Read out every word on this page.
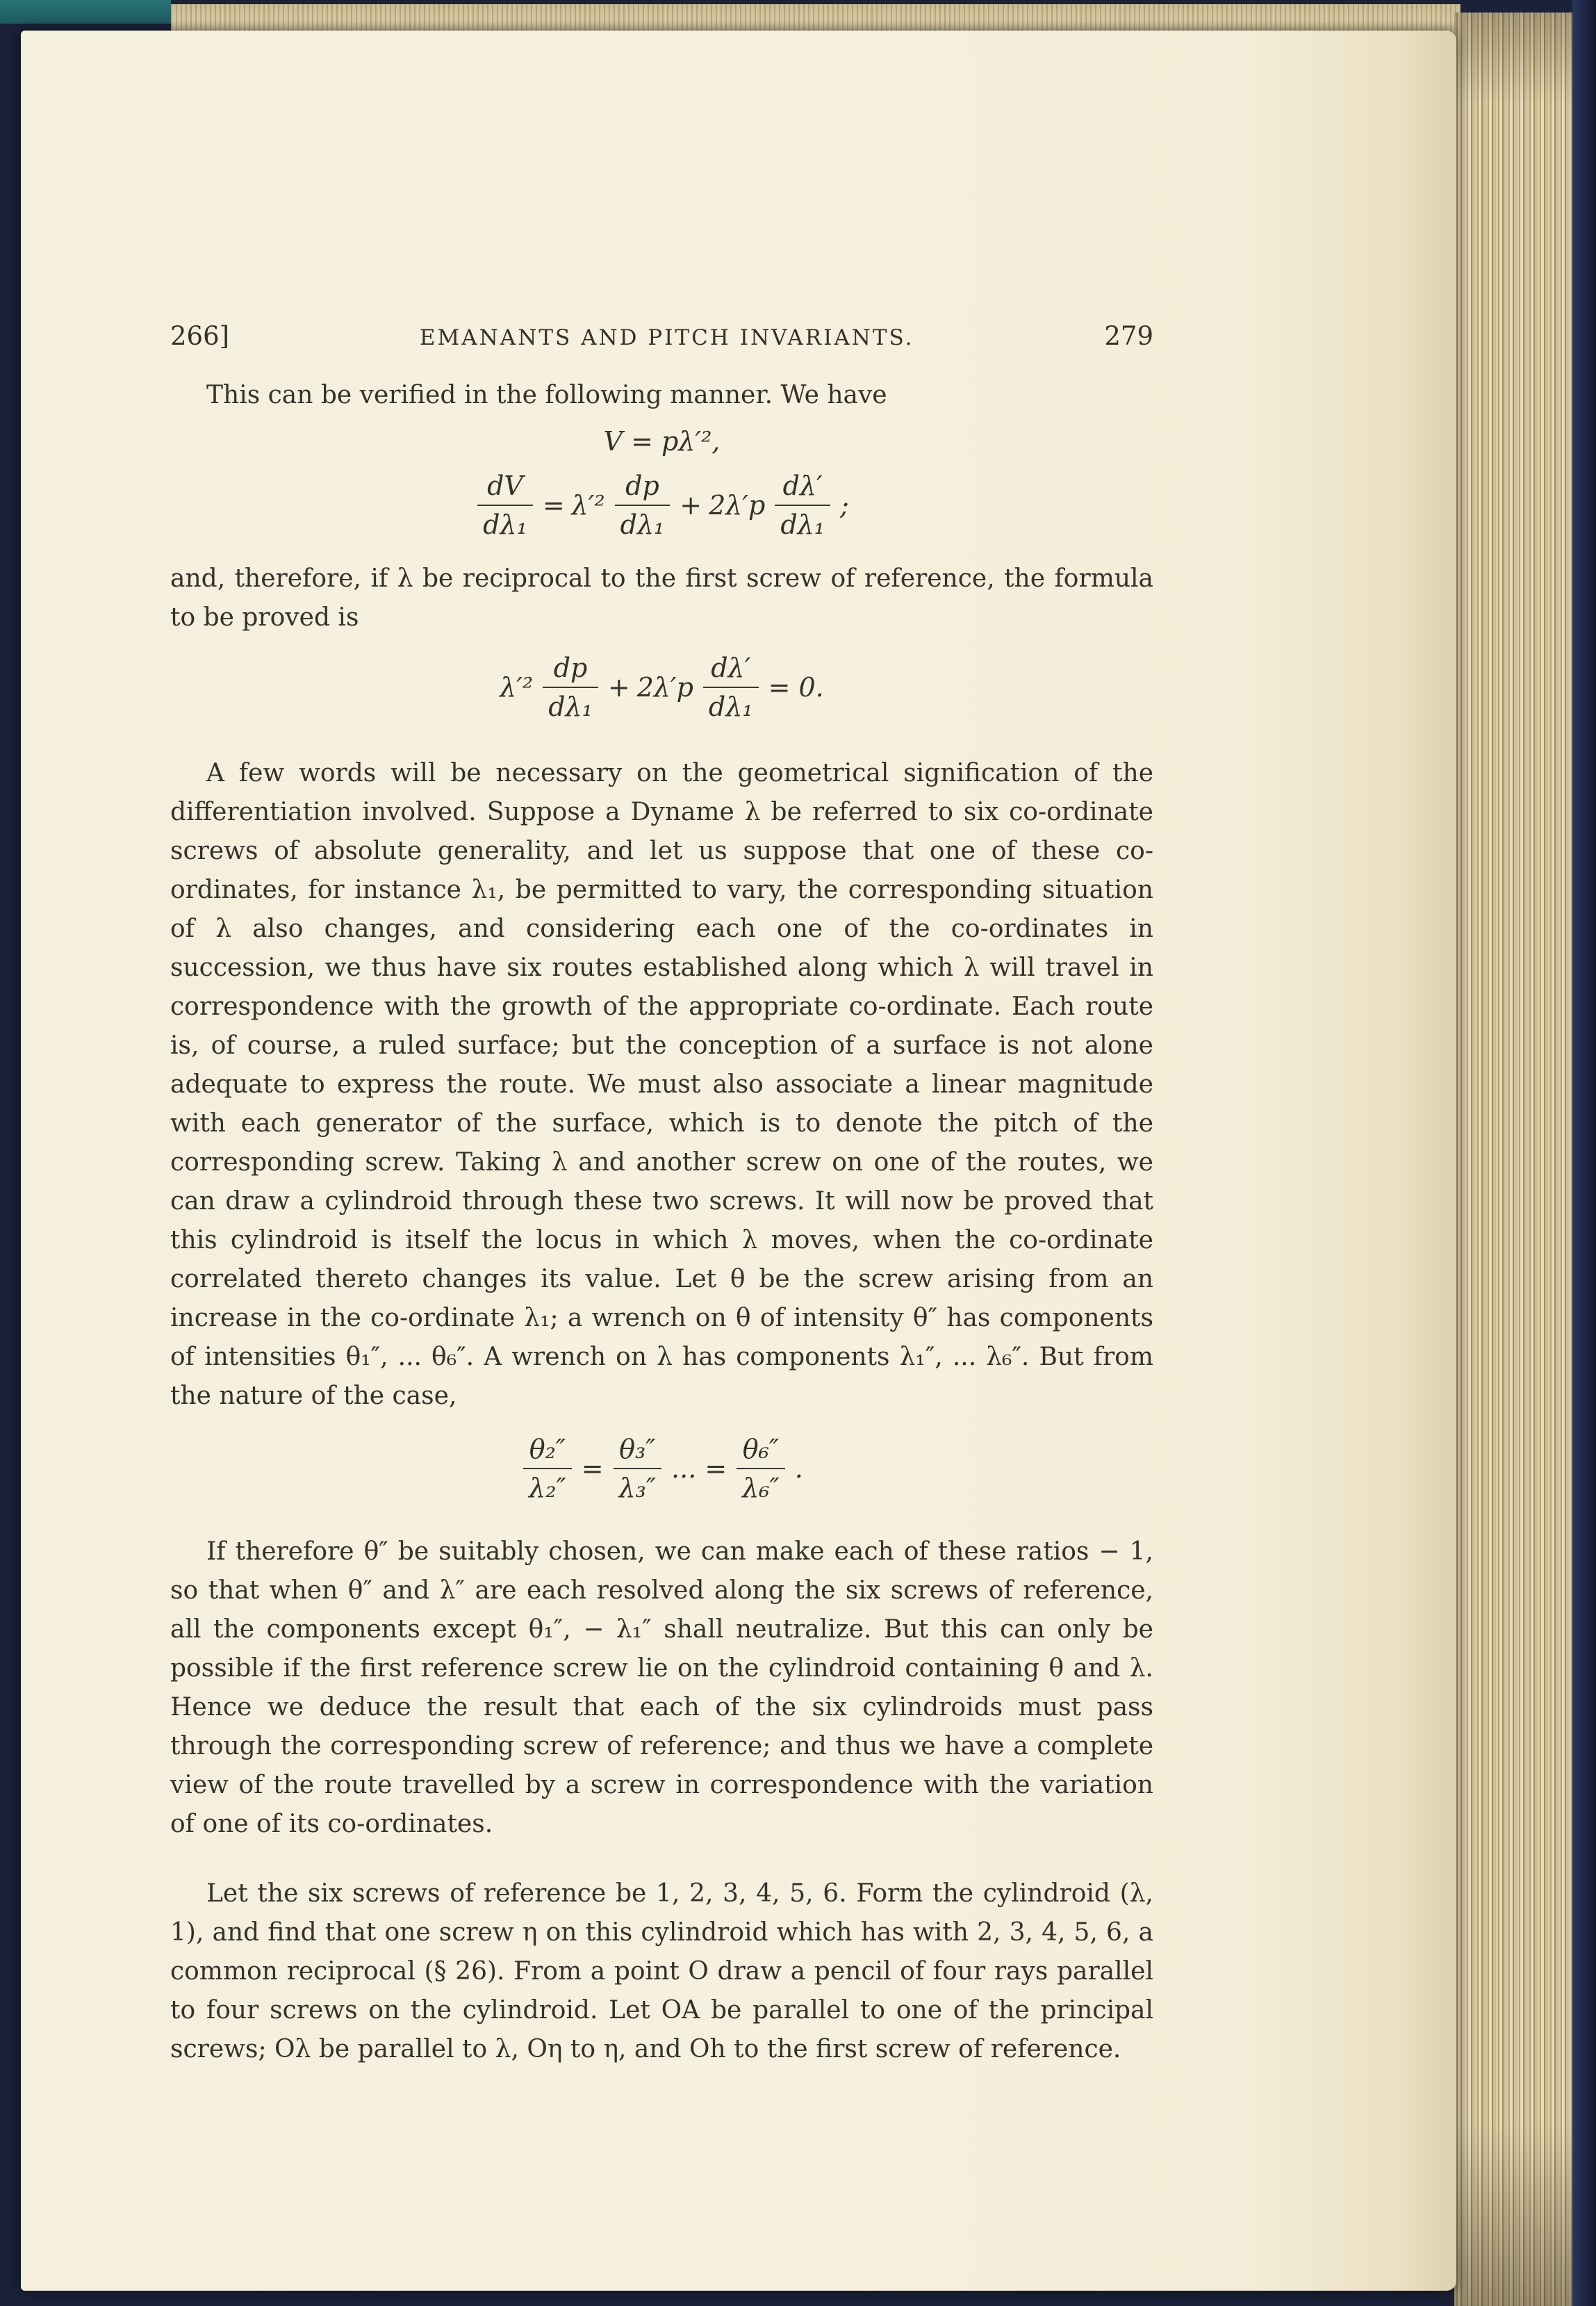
266]	EMANANTS AND PITCH INVARIANTS.	279

This can be verified in the following manner. We have

V = pλ′²,
$\frac{dV}{\text{dλ₁}} = \lambda'^2 \frac{dp}{\text{dλ₁}} + 2\lambda'p \frac{d\lambda'}{\text{dλ₁}}$ ;

and, therefore, if λ be reciprocal to the first screw of reference, the formula to be proved is

$\lambda'^2 \frac{dp}{\text{dλ₁}} + 2\lambda'p \frac{d\lambda'}{\text{dλ₁}} = 0$.

A few words will be necessary on the geometrical signification of the differentiation involved. Suppose a Dyname λ be referred to six co-ordinate screws of absolute generality, and let us suppose that one of these co-ordinates, for instance λ₁, be permitted to vary, the corresponding situation of λ also changes, and considering each one of the co-ordinates in succession, we thus have six routes established along which λ will travel in correspondence with the growth of the appropriate co-ordinate. Each route is, of course, a ruled surface; but the conception of a surface is not alone adequate to express the route. We must also associate a linear magnitude with each generator of the surface, which is to denote the pitch of the corresponding screw. Taking λ and another screw on one of the routes, we can draw a cylindroid through these two screws. It will now be proved that this cylindroid is itself the locus in which λ moves, when the co-ordinate correlated thereto changes its value. Let θ be the screw arising from an increase in the co-ordinate λ₁; a wrench on θ of intensity θ″ has components of intensities θ₁″, ... θ₆″. A wrench on λ has components λ₁″, ... λ₆″. But from the nature of the case,

$\frac{\text{θ₂″}}{\text{λ₂″}} = \frac{\text{θ₃″}}{\text{λ₃″}}$ ... = $\frac{\text{θ₆″}}{\text{λ₆″}}$ .

If therefore θ″ be suitably chosen, we can make each of these ratios − 1, so that when θ″ and λ″ are each resolved along the six screws of reference, all the components except θ₁″, − λ₁″ shall neutralize. But this can only be possible if the first reference screw lie on the cylindroid containing θ and λ. Hence we deduce the result that each of the six cylindroids must pass through the corresponding screw of reference; and thus we have a complete view of the route travelled by a screw in correspondence with the variation of one of its co-ordinates.

Let the six screws of reference be 1, 2, 3, 4, 5, 6. Form the cylindroid (λ, 1), and find that one screw η on this cylindroid which has with 2, 3, 4, 5, 6, a common reciprocal (§ 26). From a point O draw a pencil of four rays parallel to four screws on the cylindroid. Let OA be parallel to one of the principal screws; Oλ be parallel to λ, Oη to η, and Oh to the first screw of reference.
